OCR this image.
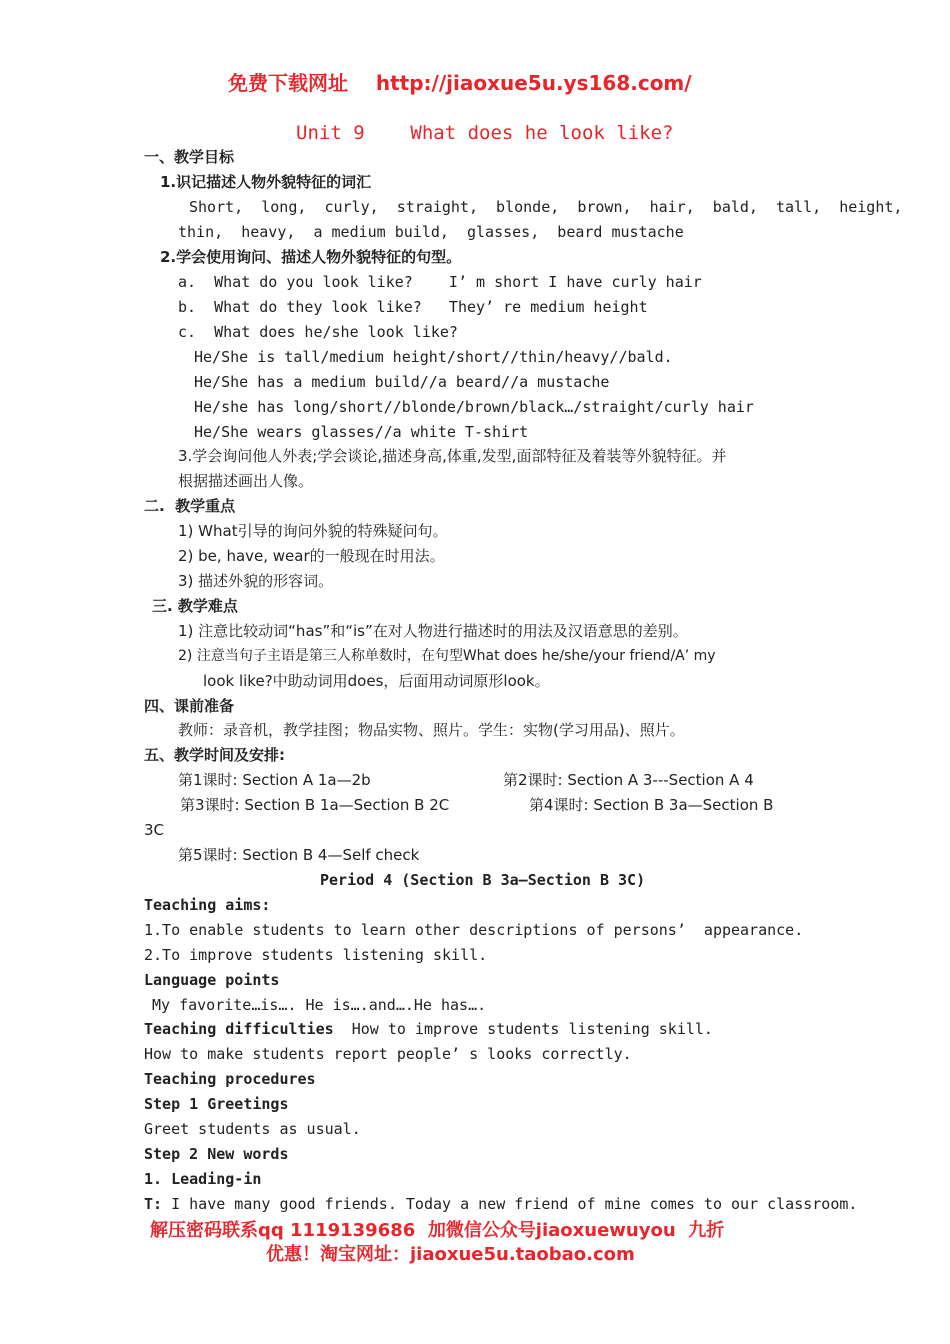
免费下载网址 http://jiaoxue5u.ys168.com/
Unit 9    What does he look like?
一、教学目标
1.识记描述人物外貌特征的词汇
Short,  long,  curly,  straight,  blonde,  brown,  hair,  bald,  tall,  height,
thin,  heavy,  a medium build,  glasses,  beard mustache
2.学会使用询问、描述人物外貌特征的句型。
a.  What do you look like?    I’ m short I have curly hair
b.  What do they look like?   They’ re medium height
c.  What does he/she look like?
He/She is tall/medium height/short//thin/heavy//bald.
He/She has a medium build//a beard//a mustache
He/she has long/short//blonde/brown/black…/straight/curly hair
He/She wears glasses//a white T-shirt
3.学会询问他人外表;学会谈论,描述身高,体重,发型,面部特征及着装等外貌特征。并
根据描述画出人像。
二.  教学重点
1) What引导的询问外貌的特殊疑问句。
2) be, have, wear的一般现在时用法。
3) 描述外貌的形容词。
三. 教学难点
1) 注意比较动词“has”和“is”在对人物进行描述时的用法及汉语意思的差别。
2) 注意当句子主语是第三人称单数时，在句型What does he/she/your friend/A’ my
look like?中助动词用does，后面用动词原形look。
四、课前准备
教师：录音机，教学挂图；物品实物、照片。学生：实物(学习用品)、照片。
五、教学时间及安排:
第1课时: Section A 1a—2b	第2课时: Section A 3---Section A 4
第3课时: Section B 1a—Section B 2C	第4课时: Section B 3a—Section B
3C
第5课时: Section B 4—Self check
Period 4 (Section B 3a—Section B 3C)
Teaching aims:
1.To enable students to learn other descriptions of persons’  appearance.
2.To improve students listening skill.
Language points
My favorite…is…. He is….and….He has….
Teaching difficulties How to improve students listening skill.
How to make students report people’ s looks correctly.
Teaching procedures
Step 1 Greetings
Greet students as usual.
Step 2 New words
1. Leading-in
T: I have many good friends. Today a new friend of mine comes to our classroom.
解压密码联系qq 1119139686  加微信公众号jiaoxuewuyou  九折
优惠！淘宝网址：jiaoxue5u.taobao.com
